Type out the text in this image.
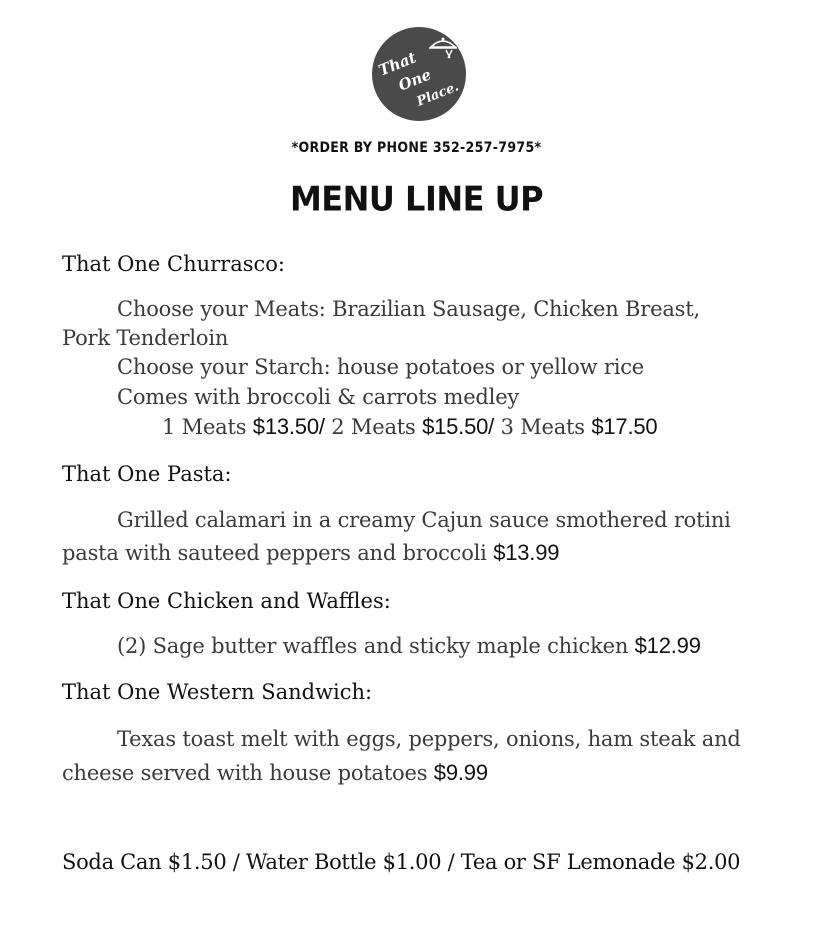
That
One
Place.
*ORDER BY PHONE 352-257-7975*
MENU LINE UP
That One Churrasco:
Choose your Meats: Brazilian Sausage, Chicken Breast,
Pork Tenderloin
Choose your Starch: house potatoes or yellow rice
Comes with broccoli & carrots medley
1 Meats $13.50/ 2 Meats $15.50/ 3 Meats $17.50
That One Pasta:
Grilled calamari in a creamy Cajun sauce smothered rotini
pasta with sauteed peppers and broccoli $13.99
That One Chicken and Waffles:
(2) Sage butter waffles and sticky maple chicken $12.99
That One Western Sandwich:
Texas toast melt with eggs, peppers, onions, ham steak and
cheese served with house potatoes $9.99
Soda Can $1.50 / Water Bottle $1.00 / Tea or SF Lemonade $2.00
